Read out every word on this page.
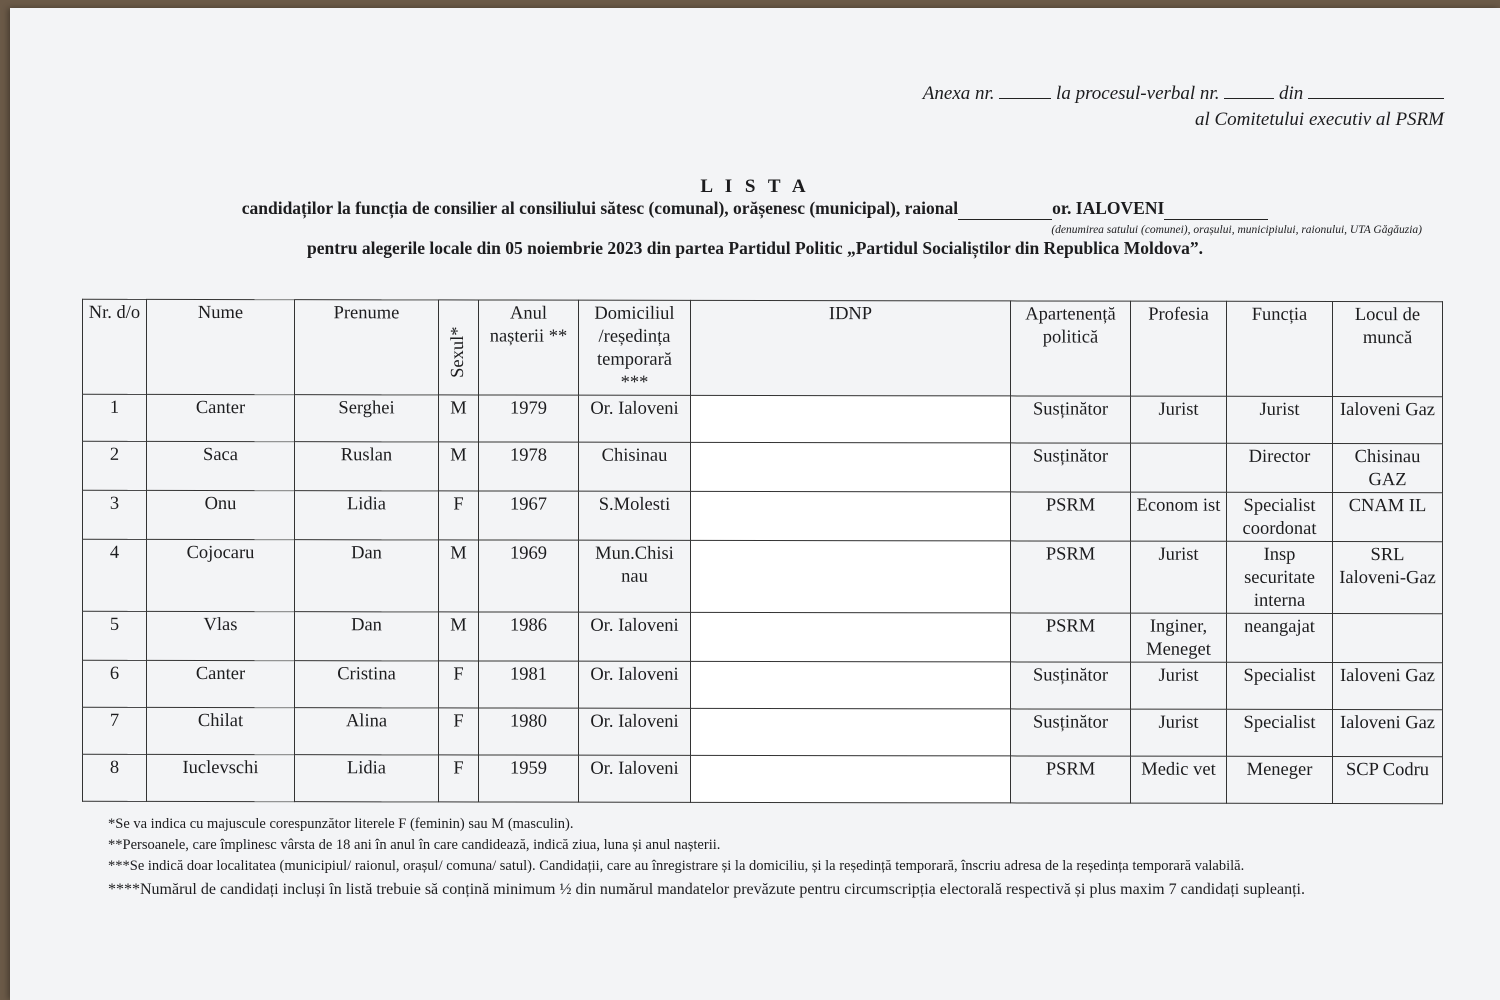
Anexa nr.	la procesul-verbal nr.	din
al Comitetului executiv al PSRM
L I S T A
candidaților la funcția de consilier al consiliului sătesc (comunal), orășenesc (municipal), raional	or. IALOVENI
(denumirea satului (comunei), orașului, municipiului, raionului, UTA Găgăuzia)
pentru alegerile locale din 05 noiembrie 2023 din partea Partidul Politic „Partidul Socialiștilor din Republica Moldova”.
Nr. d/o	Nume	Prenume	Sexul*	Anul nașterii **	Domiciliul /reședința temporară ***	IDNP	Apartenență politică	Profesia	Funcția	Locul de muncă
1	Canter	Serghei	M	1979	Or. Ialoveni		Susținător	Jurist	Jurist	Ialoveni Gaz
2	Saca	Ruslan	M	1978	Chisinau		Susținător		Director	Chisinau GAZ
3	Onu	Lidia	F	1967	S.Molesti		PSRM	Econom ist	Specialist coordonat	CNAM IL
4	Cojocaru	Dan	M	1969	Mun.Chisi nau		PSRM	Jurist	Insp securitate interna	SRL Ialoveni-Gaz
5	Vlas	Dan	M	1986	Or. Ialoveni		PSRM	Inginer, Meneget	neangajat	
6	Canter	Cristina	F	1981	Or. Ialoveni		Susținător	Jurist	Specialist	Ialoveni Gaz
7	Chilat	Alina	F	1980	Or. Ialoveni		Susținător	Jurist	Specialist	Ialoveni Gaz
8	Iuclevschi	Lidia	F	1959	Or. Ialoveni		PSRM	Medic vet	Meneger	SCP Codru

*Se va indica cu majuscule corespunzător literele F (feminin) sau M (masculin).

**Persoanele, care împlinesc vârsta de 18 ani în anul în care candidează, indică ziua, luna și anul nașterii.

***Se indică doar localitatea (municipiul/ raionul, orașul/ comuna/ satul). Candidații, care au înregistrare și la domiciliu, și la reședință temporară, înscriu adresa de la reședința temporară valabilă.

****Numărul de candidați incluși în listă trebuie să conțină minimum ½ din numărul mandatelor prevăzute pentru circumscripția electorală respectivă și plus maxim 7 candidați supleanți.
